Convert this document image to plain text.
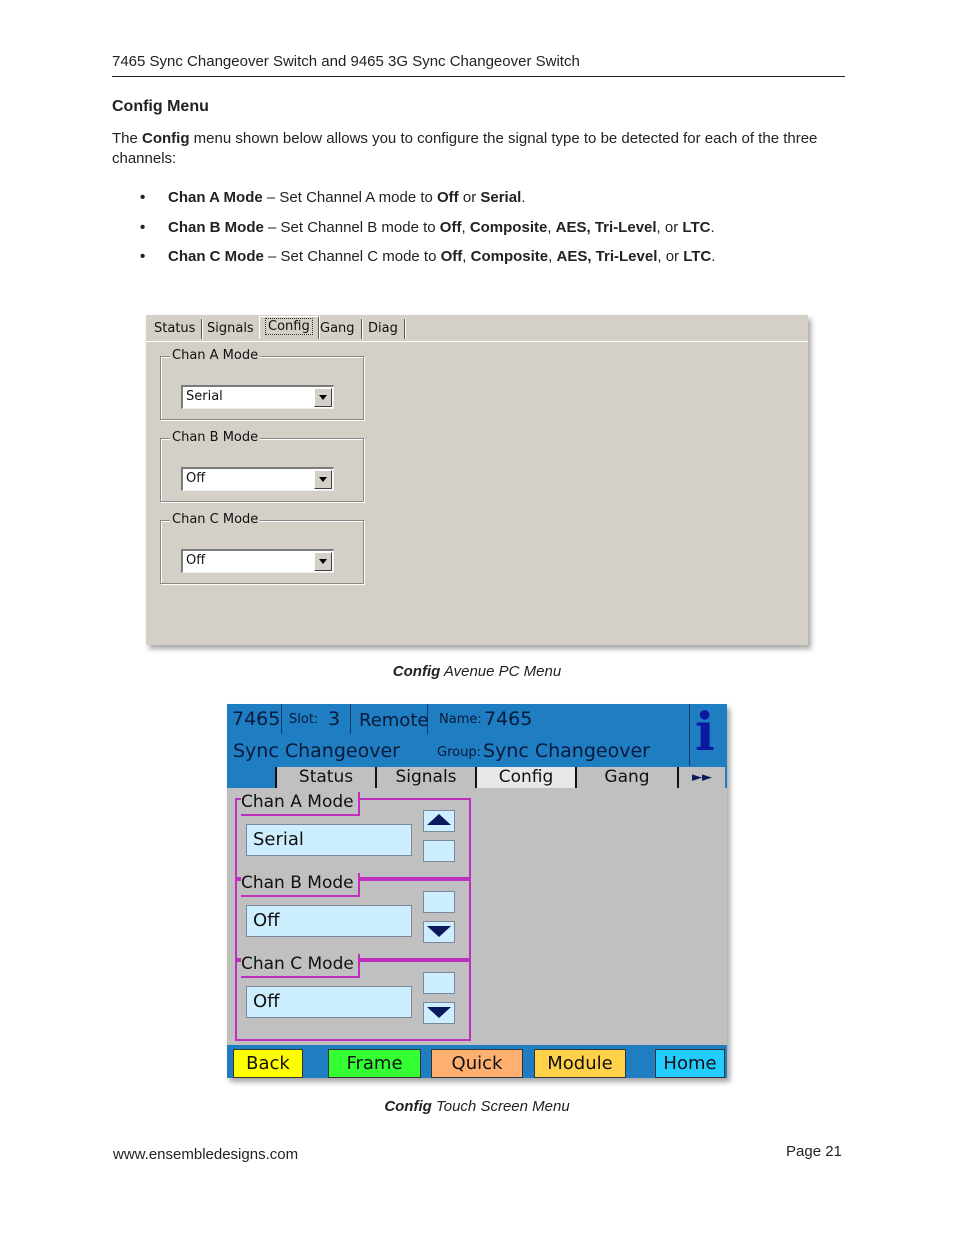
7465 Sync Changeover Switch and 9465 3G Sync Changeover Switch
Config Menu
The Config menu shown below allows you to configure the signal type to be detected for each of the three channels:
• Chan A Mode – Set Channel A mode to Off or Serial.
• Chan B Mode – Set Channel B mode to Off, Composite, AES, Tri-Level, or LTC.
• Chan C Mode – Set Channel C mode to Off, Composite, AES, Tri-Level, or LTC.
Status Signals	Config Gang	Diag
Chan A Mode
Serial
Chan B Mode
Off
Chan C Mode
Off
Config Avenue PC Menu
7465 Slot: 3 Remote Name: 7465
Sync Changeover	Group: Sync Changeover i
Status	Signals	Config	Gang	►►
Chan A Mode
Serial
Chan B Mode
Off
Chan C Mode
Off
Back	Frame	Quick	Module	Home
Config Touch Screen Menu
www.ensembledesigns.com	Page 21
